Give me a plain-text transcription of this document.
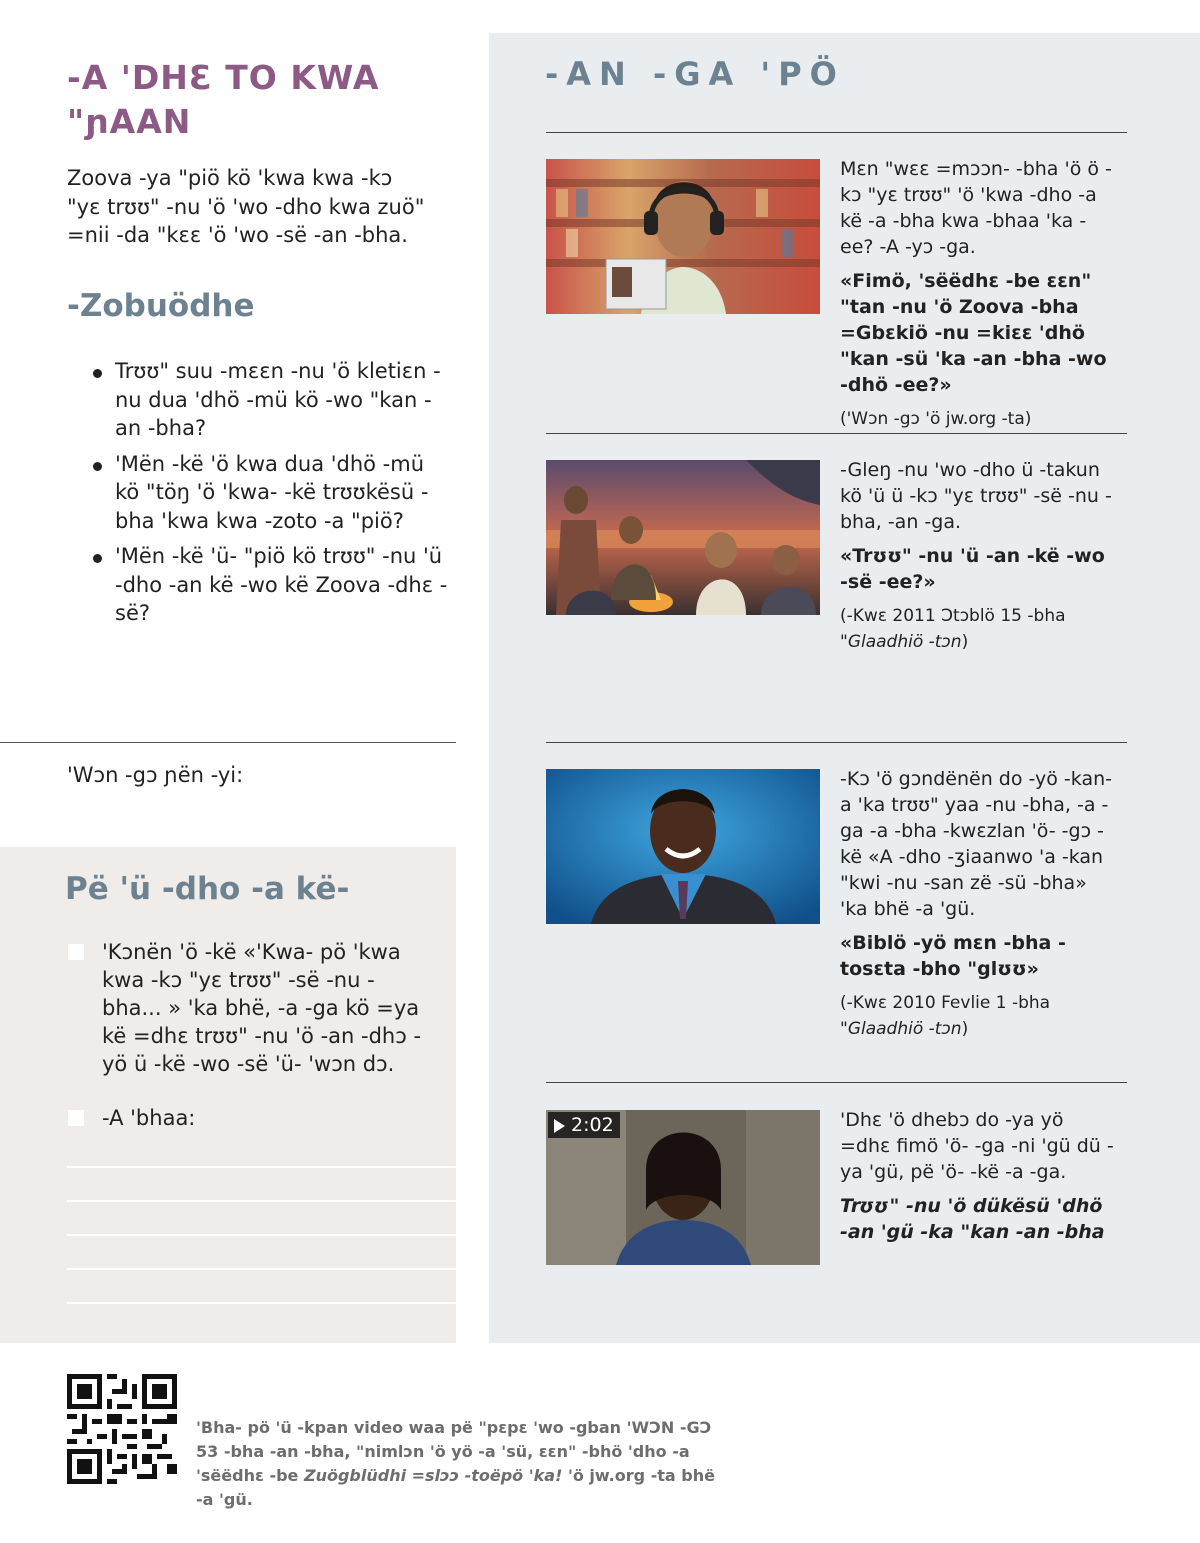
-A 'DHƐ TO KWA
"ɲAAN

Zoova -ya "piö kö 'kwa kwa -kɔ "yɛ trʊʊ" -nu 'ö 'wo -dho kwa zuö" =nii -da "kɛɛ 'ö 'wo -së -an -bha.

-Zobuödhe
Trʊʊ" suu -mɛɛn -nu 'ö kletiɛn -nu dua 'dhö -mü kö -wo "kan -an -bha?
'Mën -kë 'ö kwa dua 'dhö -mü kö "töŋ 'ö 'kwa- -kë trʊʊkësü -bha 'kwa kwa -zoto -a "piö?
'Mën -kë 'ü- "piö kö trʊʊ" -nu 'ü -dho -an kë -wo kë Zoova -dhɛ -së?
'Wɔn -gɔ ɲën -yi:
Pë 'ü -dho -a kë-
'Kɔnën 'ö -kë «'Kwa- pö 'kwa kwa -kɔ "yɛ trʊʊ" -së -nu -bha... » 'ka bhë, -a -ga kö =ya kë =dhɛ trʊʊ" -nu 'ö -an -dhɔ -yö ü -kë -wo -së 'ü- 'wɔn dɔ.
-A 'bhaa:
-AN -GA 'PÖ

Mɛn "wɛɛ =mɔɔn- -bha 'ö ö -kɔ "yɛ trʊʊ" 'ö 'kwa -dho -a kë -a -bha kwa -bhaa 'ka -ee? -A -yɔ -ga.

«Fimö, 'sëëdhɛ -be ɛɛn" "tan -nu 'ö Zoova -bha =Gbɛkiö -nu =kiɛɛ 'dhö "kan -sü 'ka -an -bha -wo -dhö -ee?»

('Wɔn -gɔ 'ö jw.org -ta)

-Gleŋ -nu 'wo -dho ü -takun kö 'ü ü -kɔ "yɛ trʊʊ" -së -nu -bha, -an -ga.

«Trʊʊ" -nu 'ü -an -kë -wo -së -ee?»

(-Kwɛ 2011 Ɔtɔblö 15 -bha
"Glaadhiö -tɔn)

-Kɔ 'ö gɔndënën do -yö -kan-a 'ka trʊʊ" yaa -nu -bha, -a -ga -a -bha -kwɛzlan 'ö- -gɔ -kë «A -dho -ʒiaanwo 'a -kan "kwi -nu -san zë -sü -bha» 'ka bhë -a 'gü.

«Biblö -yö mɛn -bha -tosɛta -bho "glʊʊ»

(-Kwɛ 2010 Fevlie 1 -bha
"Glaadhiö -tɔn)

2:02	'Dhɛ 'ö dhebɔ do -ya yö =dhɛ fimö 'ö- -ga -ni 'gü dü -ya 'gü, pë 'ö- -kë -a -ga.

Trʊʊ" -nu 'ö dükësü 'dhö -an 'gü -ka "kan -an -bha

'Bha- pö 'ü -kpan video waa pë "pɛpɛ 'wo -gban 'WƆN -GƆ 53 -bha -an -bha, "nimlɔn 'ö yö -a 'sü, ɛɛn" -bhö 'dho -a 'sëëdhɛ -be Zuögblüdhi =slɔɔ -toëpö 'ka! 'ö jw.org -ta bhë -a 'gü.
